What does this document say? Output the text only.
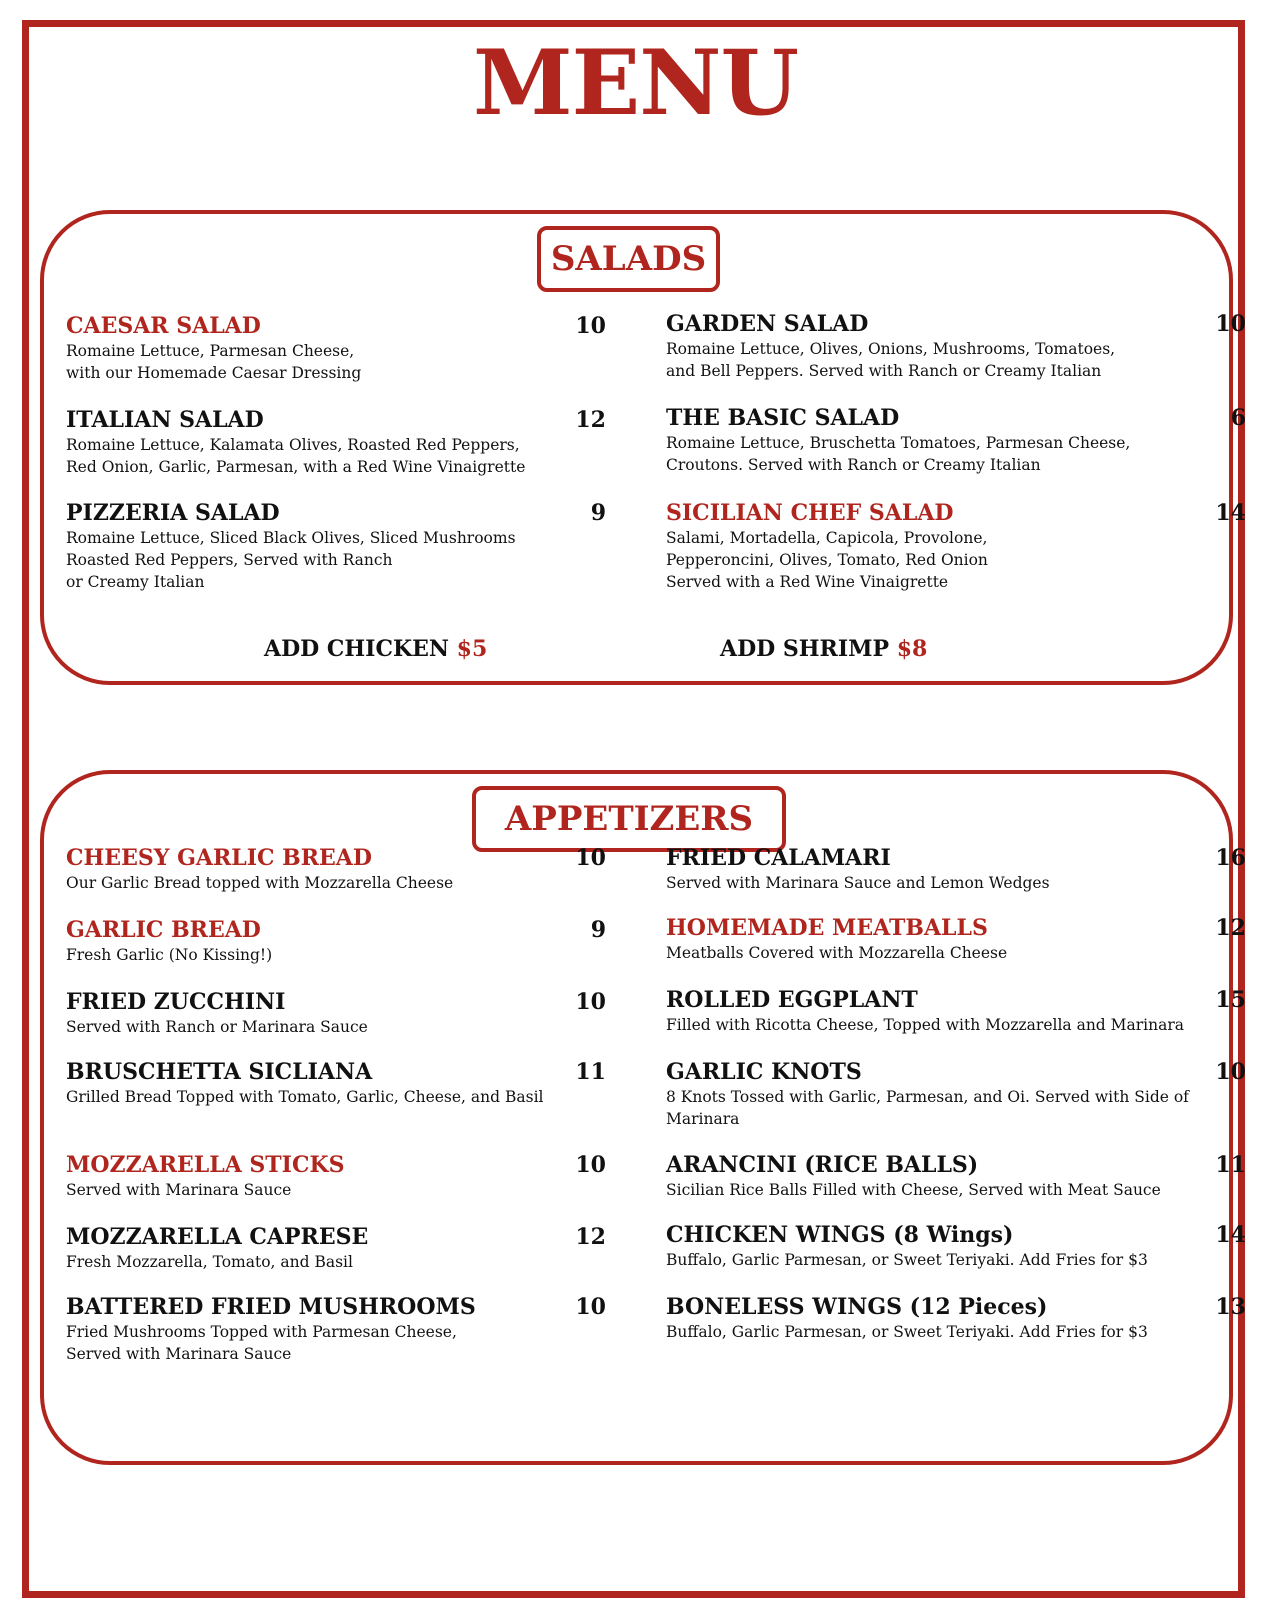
MENU
SALADS
APPETIZERS
CAESAR SALAD	10
Romaine Lettuce, Parmesan Cheese,
with our Homemade Caesar Dressing
GARDEN SALAD	10
Romaine Lettuce, Olives, Onions, Mushrooms, Tomatoes,
and Bell Peppers. Served with Ranch or Creamy Italian
ITALIAN SALAD	12
Romaine Lettuce, Kalamata Olives, Roasted Red Peppers,
Red Onion, Garlic, Parmesan, with a Red Wine Vinaigrette
THE BASIC SALAD	6
Romaine Lettuce, Bruschetta Tomatoes, Parmesan Cheese,
Croutons. Served with Ranch or Creamy Italian
PIZZERIA SALAD	9
Romaine Lettuce, Sliced Black Olives, Sliced Mushrooms
Roasted Red Peppers, Served with Ranch
or Creamy Italian
SICILIAN CHEF SALAD	14
Salami, Mortadella, Capicola, Provolone,
Pepperoncini, Olives, Tomato, Red Onion
Served with a Red Wine Vinaigrette
ADD CHICKEN $5	ADD SHRIMP $8
CHEESY GARLIC BREAD	10
Our Garlic Bread topped with Mozzarella Cheese
FRIED CALAMARI	16
Served with Marinara Sauce and Lemon Wedges
GARLIC BREAD	9
Fresh Garlic (No Kissing!)
HOMEMADE MEATBALLS	12
Meatballs Covered with Mozzarella Cheese
FRIED ZUCCHINI	10
Served with Ranch or Marinara Sauce
ROLLED EGGPLANT	15
Filled with Ricotta Cheese, Topped with Mozzarella and Marinara
BRUSCHETTA SICLIANA	11
Grilled Bread Topped with Tomato, Garlic, Cheese, and Basil
GARLIC KNOTS	10
8 Knots Tossed with Garlic, Parmesan, and Oi. Served with Side of
Marinara
MOZZARELLA STICKS	10
Served with Marinara Sauce
ARANCINI (RICE BALLS)	11
Sicilian Rice Balls Filled with Cheese, Served with Meat Sauce
MOZZARELLA CAPRESE	12
Fresh Mozzarella, Tomato, and Basil
CHICKEN WINGS (8 Wings)	14
Buffalo, Garlic Parmesan, or Sweet Teriyaki. Add Fries for $3
BATTERED FRIED MUSHROOMS	10
Fried Mushrooms Topped with Parmesan Cheese,
Served with Marinara Sauce
BONELESS WINGS (12 Pieces)	13
Buffalo, Garlic Parmesan, or Sweet Teriyaki. Add Fries for $3
